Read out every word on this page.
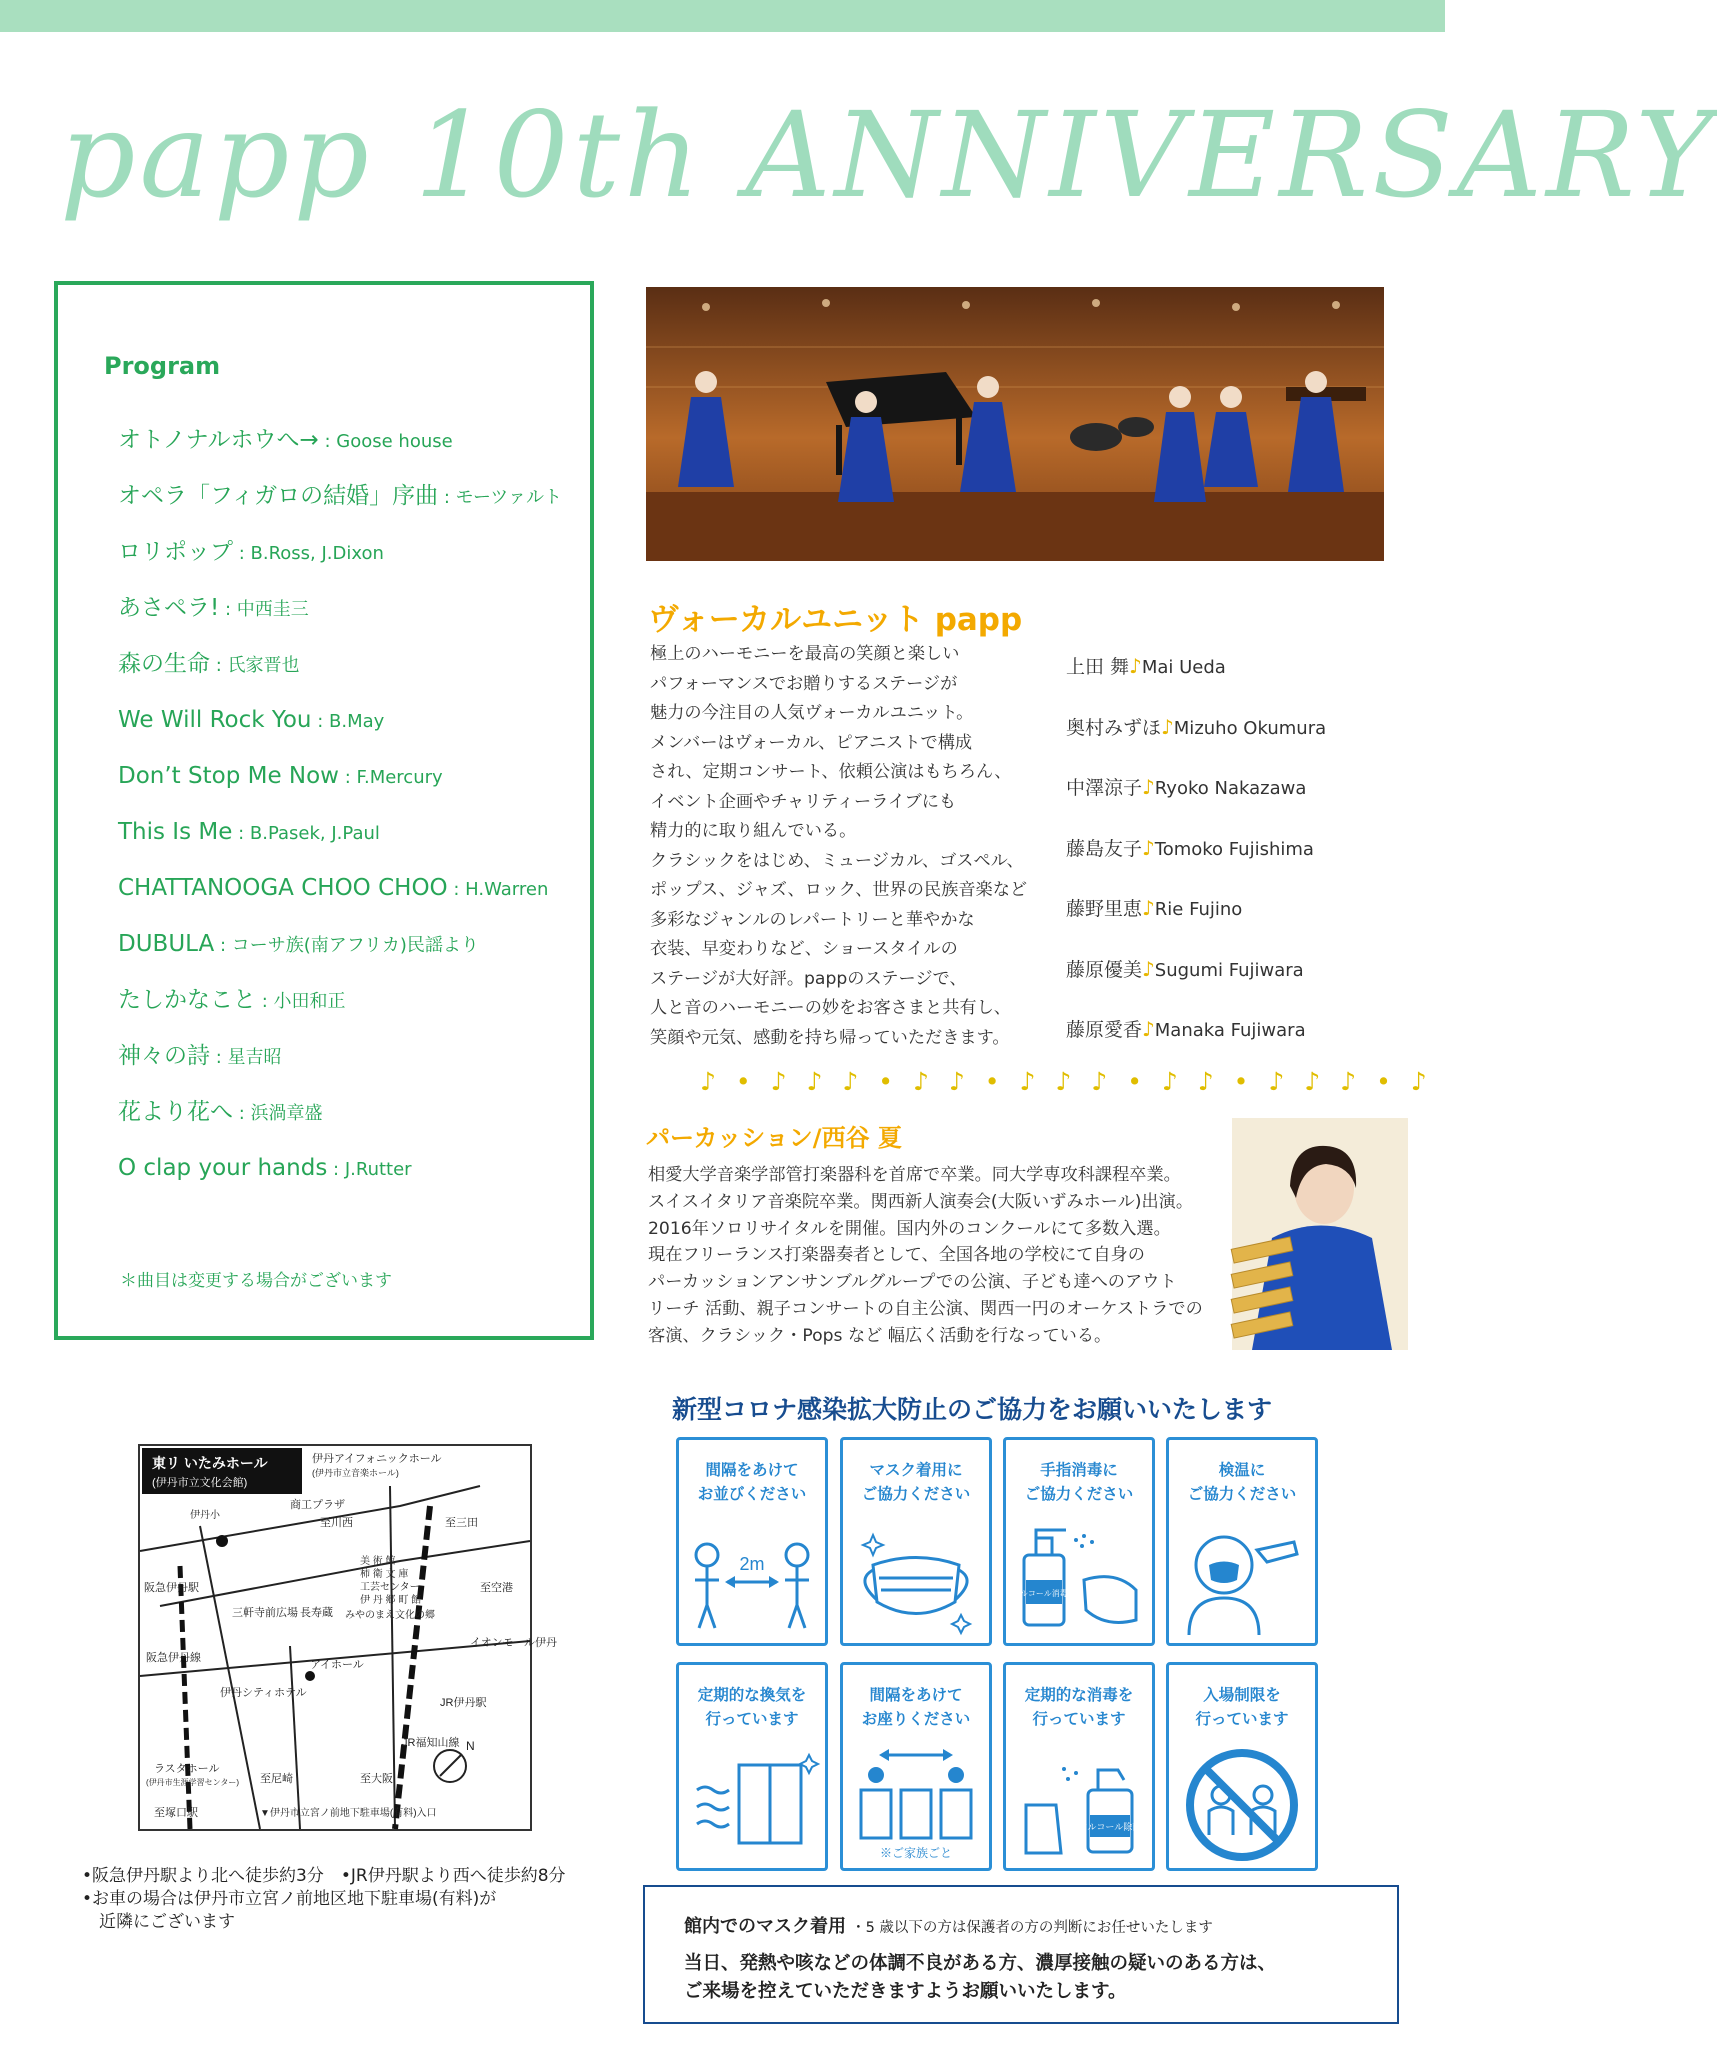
papp 10th ANNIVERSARY
Program
オトノナルホウへ→ : Goose house
オペラ「フィガロの結婚」序曲 : モーツァルト
ロリポップ : B.Ross, J.Dixon
あさペラ! : 中西圭三
森の生命 : 氏家晋也
We Will Rock You : B.May
Don’t Stop Me Now : F.Mercury
This Is Me : B.Pasek, J.Paul
CHATTANOOGA CHOO CHOO : H.Warren
DUBULA : コーサ族(南アフリカ)民謡より
たしかなこと : 小田和正
神々の詩 : 星吉昭
花より花へ : 浜渦章盛
O clap your hands : J.Rutter
＊曲目は変更する場合がございます
ヴォーカルユニット papp
極上のハーモニーを最高の笑顔と楽しい
パフォーマンスでお贈りするステージが
魅力の今注目の人気ヴォーカルユニット。
メンバーはヴォーカル、ピアニストで構成
され、定期コンサート、依頼公演はもちろん、
イベント企画やチャリティーライブにも
精力的に取り組んでいる。
クラシックをはじめ、ミュージカル、ゴスペル、
ポップス、ジャズ、ロック、世界の民族音楽など
多彩なジャンルのレパートリーと華やかな
衣装、早変わりなど、ショースタイルの
ステージが大好評。pappのステージで、
人と音のハーモニーの妙をお客さまと共有し、
笑顔や元気、感動を持ち帰っていただきます。
上田 舞♪Mai Ueda
奥村みずほ♪Mizuho Okumura
中澤涼子♪Ryoko Nakazawa
藤島友子♪Tomoko Fujishima
藤野里恵♪Rie Fujino
藤原優美♪Sugumi Fujiwara
藤原愛香♪Manaka Fujiwara
♪ • ♪ ♪ ♪ • ♪ ♪ • ♪ ♪ ♪ • ♪ ♪ • ♪ ♪ ♪ • ♪
パーカッション/西谷 夏
相愛大学音楽学部管打楽器科を首席で卒業。同大学専攻科課程卒業。
スイスイタリア音楽院卒業。関西新人演奏会(大阪いずみホール)出演。
2016年ソロリサイタルを開催。国内外のコンクールにて多数入選。
現在フリーランス打楽器奏者として、全国各地の学校にて自身の
パーカッションアンサンブルグループでの公演、子ども達へのアウト
リーチ 活動、親子コンサートの自主公演、関西一円のオーケストラでの
客演、クラシック・Pops など 幅広く活動を行なっている。
新型コロナ感染拡大防止のご協力をお願いいたします
間隔をあけて
お並びください
2m
マスク着用に
ご協力ください
手指消毒に
ご協力ください
アルコール消毒液
検温に
ご協力ください
定期的な換気を
行っています
間隔をあけて
お座りください
※ご家族ごと
定期的な消毒を
行っています
アルコール除菌
入場制限を
行っています
東リ いたみホール
(伊丹市立文化会館)
伊丹アイフォニックホール
(伊丹市立音楽ホール)
伊丹小
商工プラザ
至川西	至三田
阪急伊丹駅
美 術 館
柿 衛 文 庫
工芸センター
伊 丹 郷 町 館
みやのまえ文化の郷
至空港
三軒寺前広場 長寿蔵
イオンモール伊丹
アイホール
阪急伊丹線
伊丹シティホテル
JR伊丹駅
JR福知山線
ラスタホール
(伊丹市生涯学習センター) 至尼崎	至大阪
至塚口駅	▼伊丹市立宮ノ前地下駐車場(有料)入口
N
•阪急伊丹駅より北へ徒歩約3分　•JR伊丹駅より西へ徒歩約8分
•お車の場合は伊丹市立宮ノ前地区地下駐車場(有料)が
　近隣にございます	館内でのマスク着用 ・5 歳以下の方は保護者の方の判断にお任せいたします
当日、発熱や咳などの体調不良がある方、濃厚接触の疑いのある方は、
ご来場を控えていただきますようお願いいたします。
